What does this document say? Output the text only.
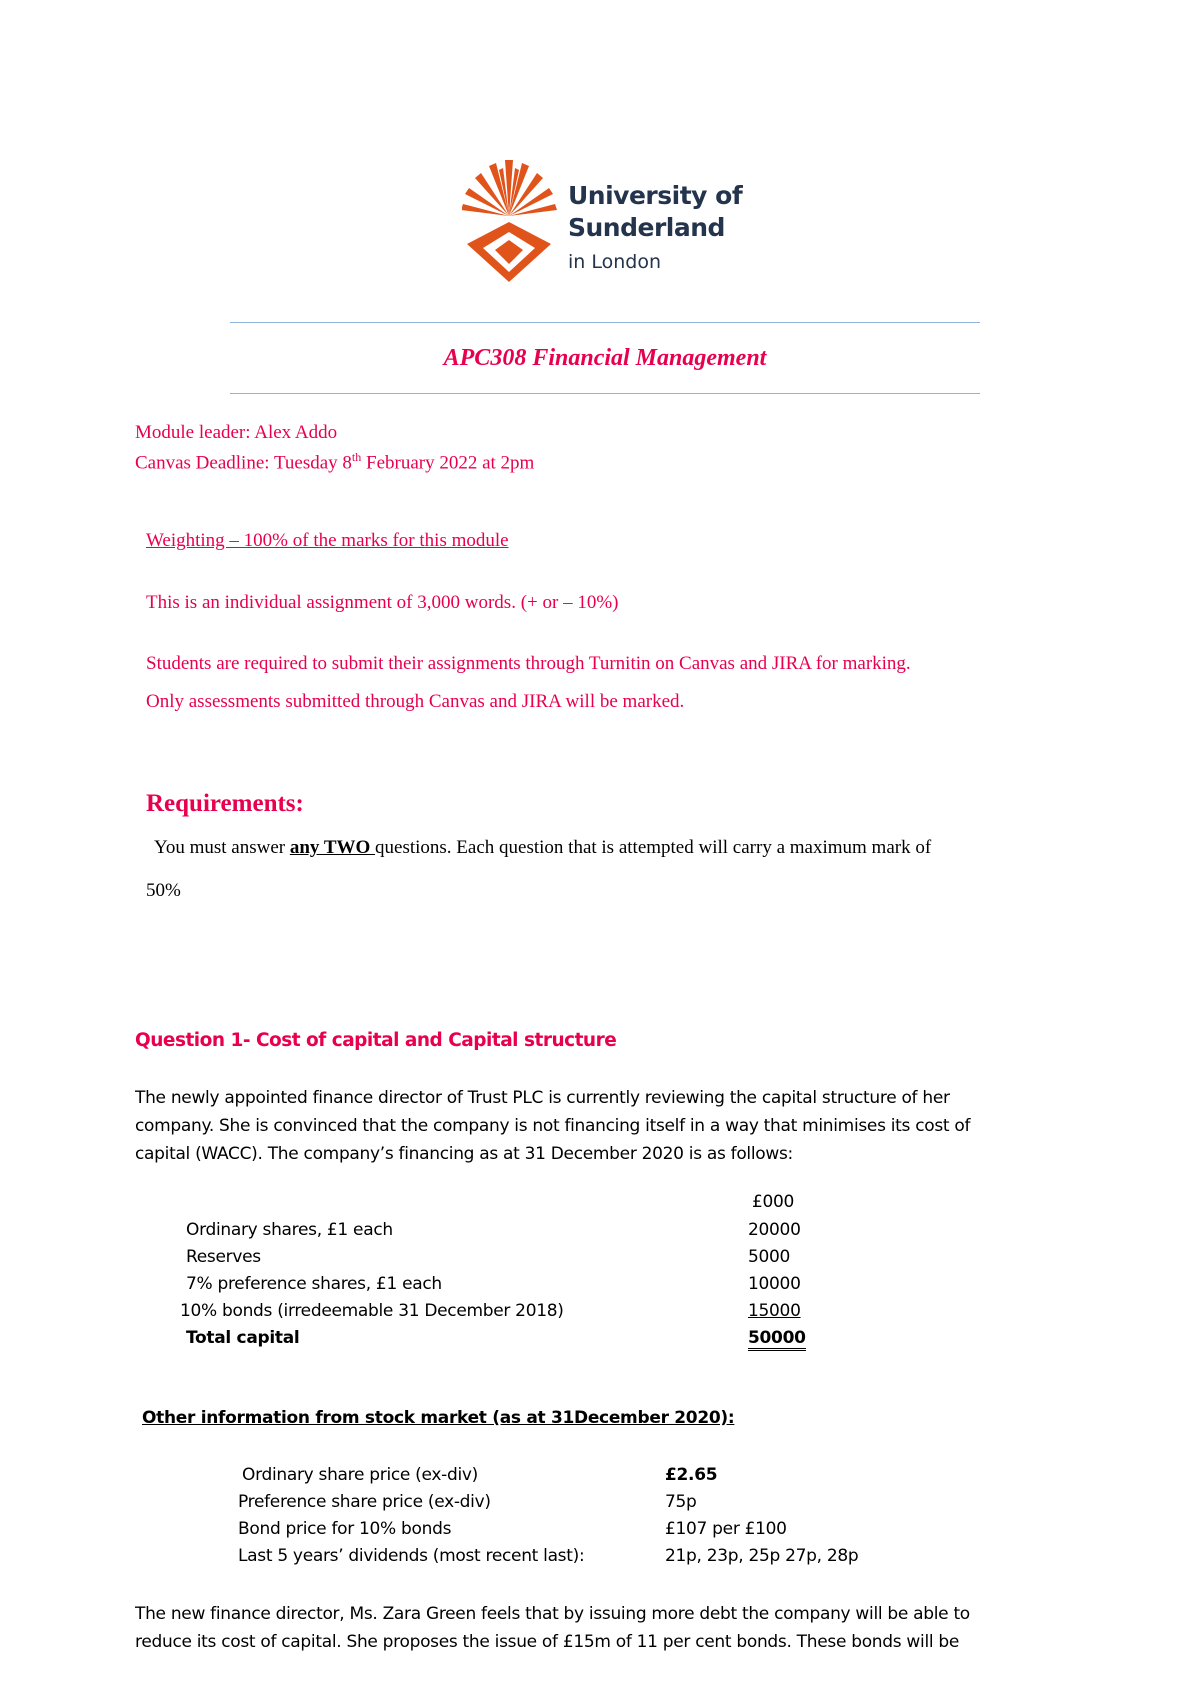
University of
Sunderland
in London
APC308 Financial Management
Module leader: Alex Addo
Canvas Deadline: Tuesday 8th February 2022 at 2pm
Weighting – 100% of the marks for this module
This is an individual assignment of 3,000 words. (+ or – 10%)
Students are required to submit their assignments through Turnitin on Canvas and JIRA for marking.
Only assessments submitted through Canvas and JIRA will be marked.
Requirements:
You must answer any TWO questions. Each question that is attempted will carry a maximum mark of
50%
Question 1- Cost of capital and Capital structure
The newly appointed finance director of Trust PLC is currently reviewing the capital structure of her
company. She is convinced that the company is not financing itself in a way that minimises its cost of
capital (WACC). The company’s financing as at 31 December 2020 is as follows:
£000
Ordinary shares, £1 each	20000
Reserves	5000
7% preference shares, £1 each	10000
10% bonds (irredeemable 31 December 2018)	15000
Total capital	50000
Other information from stock market (as at 31December 2020):
Ordinary share price (ex-div)	£2.65
Preference share price (ex-div)	75p
Bond price for 10% bonds	£107 per £100
Last 5 years’ dividends (most recent last):	21p, 23p, 25p 27p, 28p
The new finance director, Ms. Zara Green feels that by issuing more debt the company will be able to
reduce its cost of capital. She proposes the issue of £15m of 11 per cent bonds. These bonds will be
